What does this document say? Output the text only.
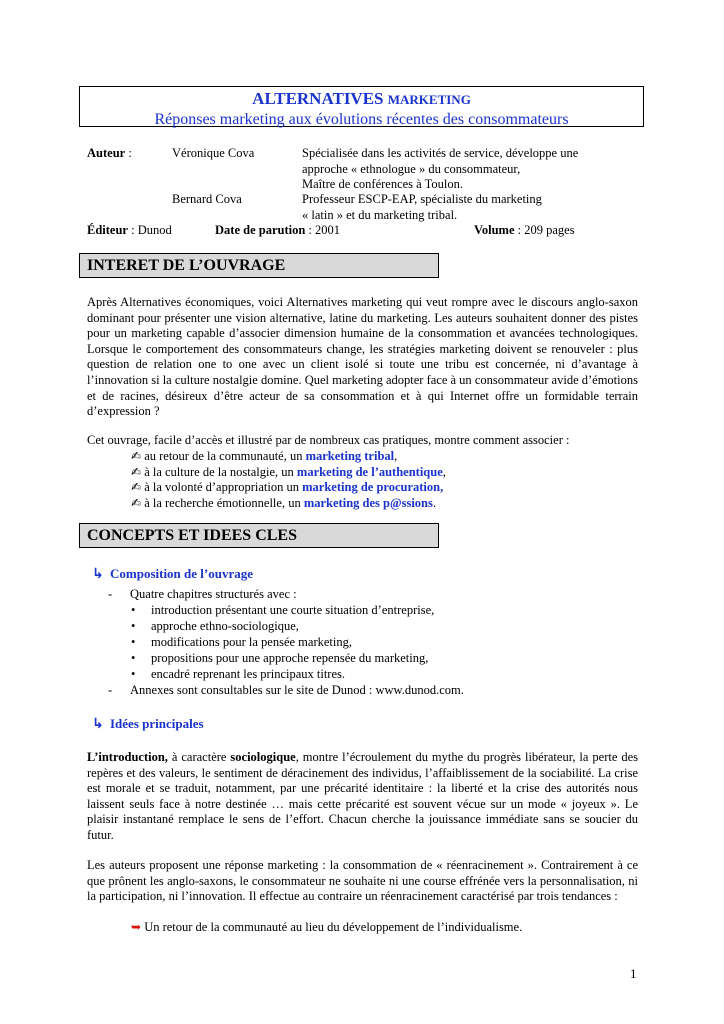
ALTERNATIVES MARKETING
Réponses marketing aux évolutions récentes des consommateurs
Auteur :	Véronique Cova	Spécialisée dans les activités de service, développe une
approche « ethnologue » du consommateur,
Maître de conférences à Toulon.
Bernard Cova	Professeur ESCP-EAP, spécialiste du marketing
« latin » et du marketing tribal.
Éditeur : Dunod	Date de parution : 2001	Volume : 209 pages
INTERET DE L’OUVRAGE
Après Alternatives économiques, voici Alternatives marketing qui veut rompre avec le discours anglo-saxon dominant pour présenter une vision alternative, latine du marketing. Les auteurs souhaitent donner des pistes pour un marketing capable d’associer dimension humaine de la consommation et avancées technologiques. Lorsque le comportement des consommateurs change, les stratégies marketing doivent se renouveler : plus question de relation one to one avec un client isolé si toute une tribu est concernée, ni d’avantage à l’innovation si la culture nostalgie domine. Quel marketing adopter face à un consommateur avide d’émotions et de racines, désireux d’être acteur de sa consommation et à qui Internet offre un formidable terrain d’expression ?
Cet ouvrage, facile d’accès et illustré par de nombreux cas pratiques, montre comment associer :
✍ au retour de la communauté, un marketing tribal,
✍ à la culture de la nostalgie, un marketing de l’authentique,
✍ à la volonté d’appropriation un marketing de procuration,
✍ à la recherche émotionnelle, un marketing des p@ssions.
CONCEPTS ET IDEES CLES
↳ Composition de l’ouvrage
- Quatre chapitres structurés avec :
• introduction présentant une courte situation d’entreprise,
• approche ethno-sociologique,
• modifications pour la pensée marketing,
• propositions pour une approche repensée du marketing,
• encadré reprenant les principaux titres.
- Annexes sont consultables sur le site de Dunod : www.dunod.com.
↳ Idées principales
L’introduction, à caractère sociologique, montre l’écroulement du mythe du progrès libérateur, la perte des repères et des valeurs, le sentiment de déracinement des individus, l’affaiblissement de la sociabilité. La crise est morale et se traduit, notamment, par une précarité identitaire : la liberté et la crise des autorités nous laissent seuls face à notre destinée … mais cette précarité est souvent vécue sur un mode « joyeux ». Le plaisir instantané remplace le sens de l’effort. Chacun cherche la jouissance immédiate sans se soucier du futur.
Les auteurs proposent une réponse marketing : la consommation de « réenracinement ». Contrairement à ce que prônent les anglo-saxons, le consommateur ne souhaite ni une course effrénée vers la personnalisation, ni la participation, ni l’innovation. Il effectue au contraire un réenracinement caractérisé par trois tendances :
➥ Un retour de la communauté au lieu du développement de l’individualisme.
1
